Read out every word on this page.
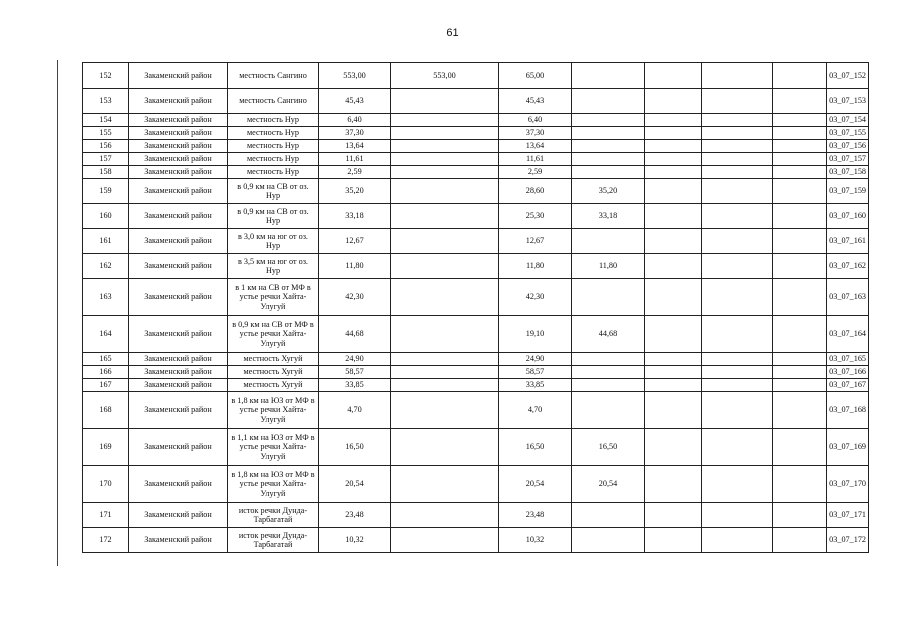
61
152	Закаменский район	местность Сангино	553,00	553,00	65,00					03_07_152
153	Закаменский район	местность Сангино	45,43		45,43					03_07_153
154	Закаменский район	местность Нур	6,40		6,40					03_07_154
155	Закаменский район	местность Нур	37,30		37,30					03_07_155
156	Закаменский район	местность Нур	13,64		13,64					03_07_156
157	Закаменский район	местность Нур	11,61		11,61					03_07_157
158	Закаменский район	местность Нур	2,59		2,59					03_07_158
159	Закаменский район	в 0,9 км на СВ от оз. Нур	35,20		28,60	35,20				03_07_159
160	Закаменский район	в 0,9 км на СВ от оз. Нур	33,18		25,30	33,18				03_07_160
161	Закаменский район	в 3,0 км на юг от оз. Нур	12,67		12,67					03_07_161
162	Закаменский район	в 3,5 км на юг от оз. Нур	11,80		11,80	11,80				03_07_162
163	Закаменский район	в 1 км на СВ от МФ в устье речки Хайта-Улугуй	42,30		42,30					03_07_163
164	Закаменский район	в 0,9 км на СВ от МФ в устье речки Хайта-Улугуй	44,68		19,10	44,68				03_07_164
165	Закаменский район	местность Хугуй	24,90		24,90					03_07_165
166	Закаменский район	местность Хугуй	58,57		58,57					03_07_166
167	Закаменский район	местность Хугуй	33,85		33,85					03_07_167
168	Закаменский район	в 1,8 км на ЮЗ от МФ в устье речки Хайта-Улугуй	4,70		4,70					03_07_168
169	Закаменский район	в 1,1 км на ЮЗ от МФ в устье речки Хайта-Улугуй	16,50		16,50	16,50				03_07_169
170	Закаменский район	в 1,8 км на ЮЗ от МФ в устье речки Хайта-Улугуй	20,54		20,54	20,54				03_07_170
171	Закаменский район	исток речки Дунда-Тарбагатай	23,48		23,48					03_07_171
172	Закаменский район	исток речки Дунда-Тарбагатай	10,32		10,32					03_07_172
